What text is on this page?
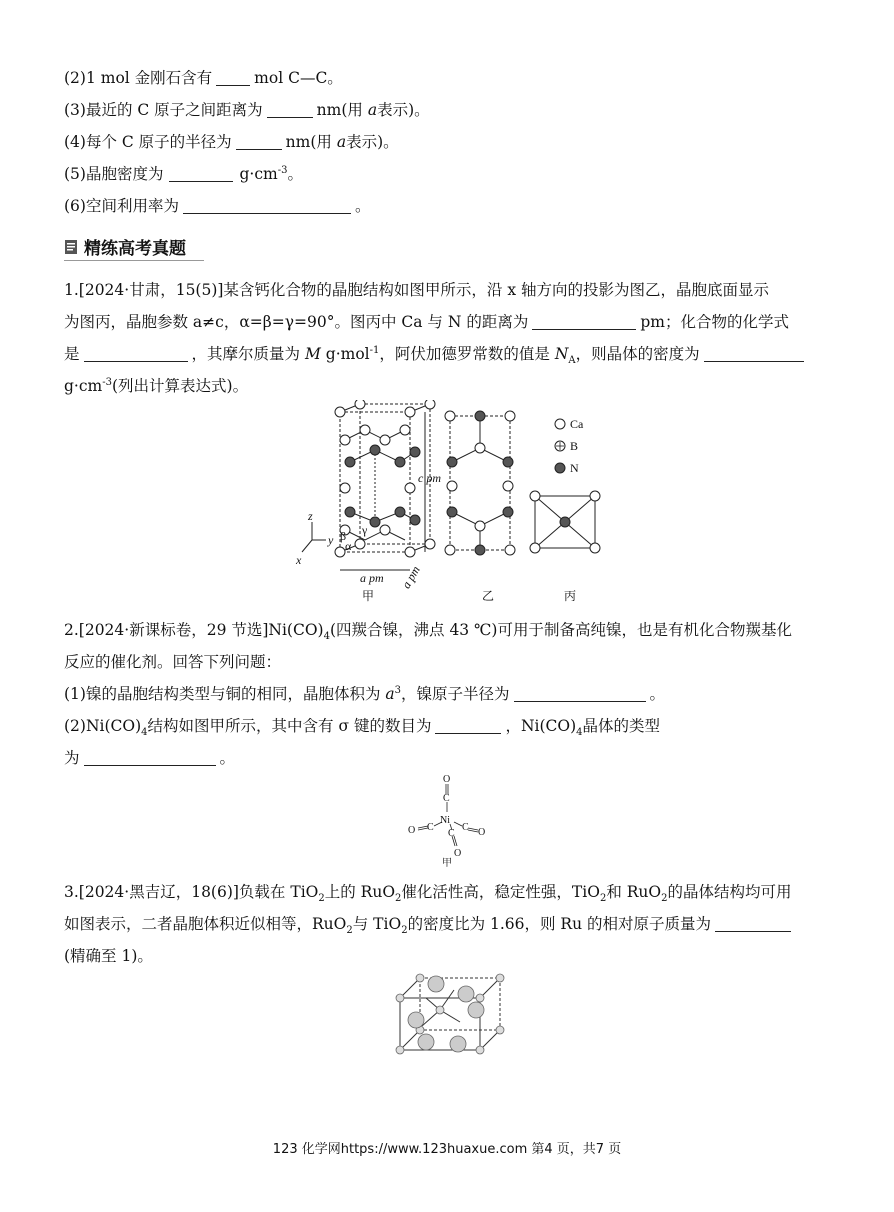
(2)1 mol 金刚石含有	mol C—C。
(3)最近的 C 原子之间距离为	nm(用 a表示)。
(4)每个 C 原子的半径为	nm(用 a表示)。
(5)晶胞密度为	$g\cdot cm^{-3}$。
(6)空间利用率为	。
精练高考真题
1.[2024·甘肃，15(5)]某含钙化合物的晶胞结构如图甲所示，沿 x 轴方向的投影为图乙，晶胞底面显示
为图丙，晶胞参数 a≠c，α=β=γ=90°。图丙中 Ca 与 N 的距离为	pm；化合物的化学式
是	，其摩尔质量为 M g·mol$^{-1}$，阿伏加德罗常数的值是 $N_A$，则晶体的密度为
$g\cdot cm^{-3}$(列出计算表达式)。
Ca
B
N
c pm
a pm a pm
z
y
x
α
β γ
甲	乙	丙
2.[2024·新课标卷，29 节选]$Ni(CO)_4$(四羰合镍，沸点 43 ℃)可用于制备高纯镍，也是有机化合物羰基化
反应的催化剂。回答下列问题：
(1)镍的晶胞结构类型与铜的相同，晶胞体积为 $a^3$，镍原子半径为	。
$(2)Ni(CO)_4$结构如图甲所示，其中含有 σ 键的数目为	，$Ni(CO)_4$晶体的类型
为	。
O
C
Ni
O C	C O
C
O
甲
3.[2024·黑吉辽，18(6)]负载在 TiO$_2$上的 RuO$_2$催化活性高，稳定性强，TiO$_2$和 RuO$_2$的晶体结构均可用
如图表示，二者晶胞体积近似相等，RuO$_2$与 TiO$_2$的密度比为 1.66，则 Ru 的相对原子质量为
(精确至 1)。
123 化学网https://www.123huaxue.com 第4 页，共7 页
